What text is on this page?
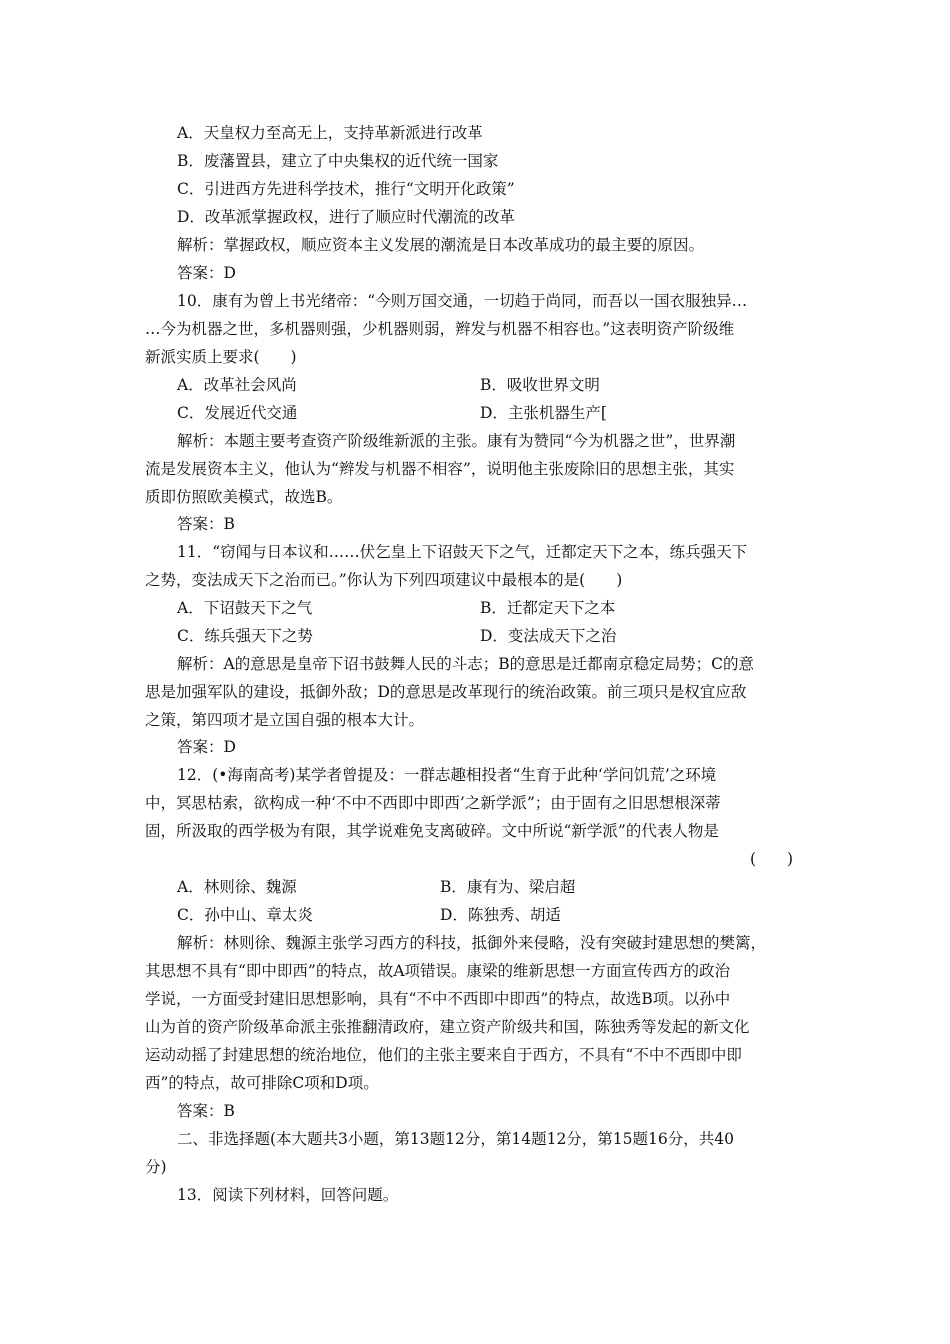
A．天皇权力至高无上，支持革新派进行改革
B．废藩置县，建立了中央集权的近代统一国家
C．引进西方先进科学技术，推行“文明开化政策”
D．改革派掌握政权，进行了顺应时代潮流的改革
解析：掌握政权，顺应资本主义发展的潮流是日本改革成功的最主要的原因。
答案：D
10．康有为曾上书光绪帝：“今则万国交通，一切趋于尚同，而吾以一国衣服独异…
…今为机器之世，多机器则强，少机器则弱，辫发与机器不相容也。”这表明资产阶级维
新派实质上要求(　　)
A．改革社会风尚	B．吸收世界文明
C．发展近代交通	D．主张机器生产[
解析：本题主要考查资产阶级维新派的主张。康有为赞同“今为机器之世”，世界潮
流是发展资本主义，他认为“辫发与机器不相容”，说明他主张废除旧的思想主张，其实
质即仿照欧美模式，故选B。
答案：B
11．“窃闻与日本议和……伏乞皇上下诏鼓天下之气，迁都定天下之本，练兵强天下
之势，变法成天下之治而已。”你认为下列四项建议中最根本的是(　　)
A．下诏鼓天下之气	B．迁都定天下之本
C．练兵强天下之势	D．变法成天下之治
解析：A的意思是皇帝下诏书鼓舞人民的斗志；B的意思是迁都南京稳定局势；C的意
思是加强军队的建设，抵御外敌；D的意思是改革现行的统治政策。前三项只是权宜应敌
之策，第四项才是立国自强的根本大计。
答案：D
12．(•海南高考)某学者曾提及：一群志趣相投者“生育于此种‘学问饥荒’之环境
中，冥思枯索，欲构成一种‘不中不西即中即西’之新学派”；由于固有之旧思想根深蒂
固，所汲取的西学极为有限，其学说难免支离破碎。文中所说“新学派”的代表人物是
(　　)
A．林则徐、魏源	B．康有为、梁启超
C．孙中山、章太炎	D．陈独秀、胡适
解析：林则徐、魏源主张学习西方的科技，抵御外来侵略，没有突破封建思想的樊篱，
其思想不具有“即中即西”的特点，故A项错误。康梁的维新思想一方面宣传西方的政治
学说，一方面受封建旧思想影响，具有“不中不西即中即西”的特点，故选B项。以孙中
山为首的资产阶级革命派主张推翻清政府，建立资产阶级共和国，陈独秀等发起的新文化
运动动摇了封建思想的统治地位，他们的主张主要来自于西方，不具有“不中不西即中即
西”的特点，故可排除C项和D项。
答案：B
二、非选择题(本大题共3小题，第13题12分，第14题12分，第15题16分，共40
分)
13．阅读下列材料，回答问题。
